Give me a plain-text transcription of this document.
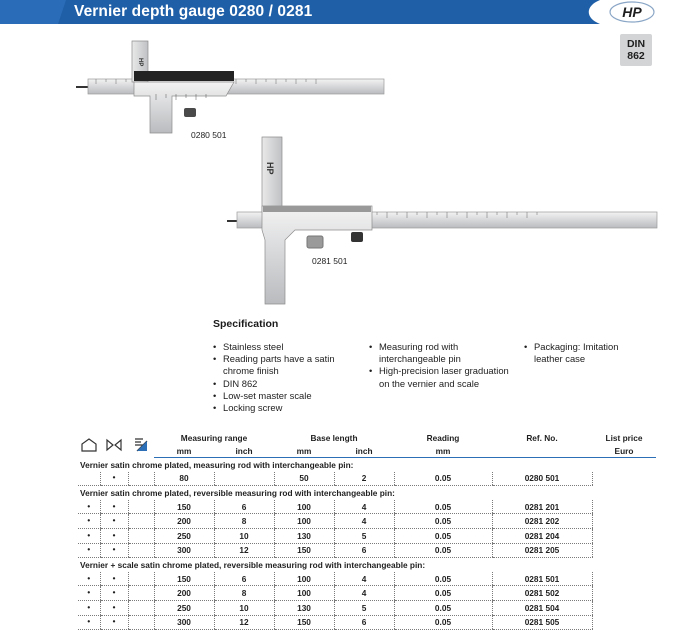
Vernier depth gauge 0280 / 0281	HP
DIN
862
HP
0280 501
HP
0281 501
Specification
• Stainless steel
• Reading parts have a satin chrome finish
• DIN 862
• Low-set master scale
• Locking screw
• Measuring rod with interchangeable pin
• High-precision laser graduation on the vernier and scale
• Packaging: Imitation leather case

	Measuring range		Base length		Reading	Ref. No.	List price
			mm	inch	mm	inch	mm		Euro
Vernier satin chrome plated, measuring rod with interchangeable pin:									
	•		80		50	2	0.05	0280 501	
Vernier satin chrome plated, reversible measuring rod with interchangeable pin:									
•	•		150	6	100	4	0.05	0281 201	
•	•		200	8	100	4	0.05	0281 202	
•	•		250	10	130	5	0.05	0281 204	
•	•		300	12	150	6	0.05	0281 205	
Vernier + scale satin chrome plated, reversible measuring rod with interchangeable pin:									
•	•		150	6	100	4	0.05	0281 501	
•	•		200	8	100	4	0.05	0281 502	
•	•		250	10	130	5	0.05	0281 504	
•	•		300	12	150	6	0.05	0281 505	
